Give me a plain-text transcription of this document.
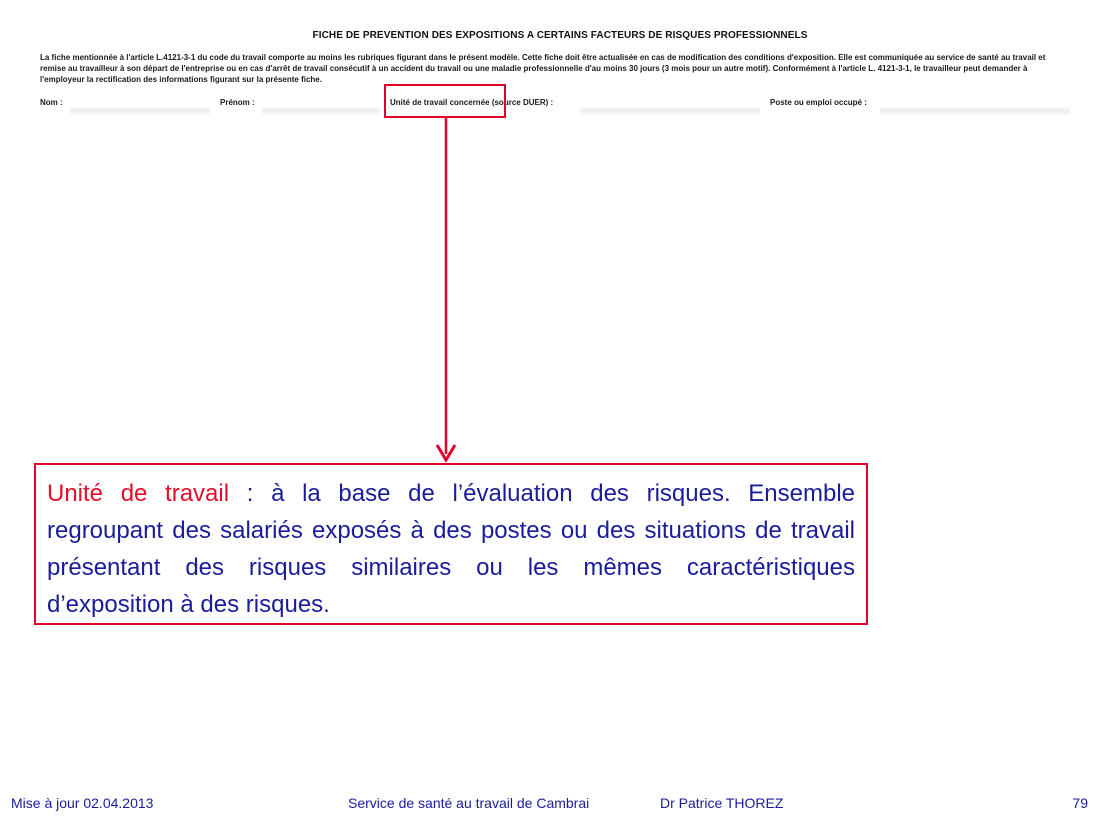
FICHE DE PREVENTION DES EXPOSITIONS A CERTAINS FACTEURS DE RISQUES PROFESSIONNELS

La fiche mentionnée à l'article L.4121-3-1 du code du travail comporte au moins les rubriques figurant dans le présent modèle. Cette fiche doit être actualisée en cas de modification des conditions d'exposition. Elle est communiquée au service de santé au travail et remise au travailleur à son départ de l'entreprise ou en cas d'arrêt de travail consécutif à un accident du travail ou une maladie professionnelle d'au moins 30 jours (3 mois pour un autre motif). Conformément à l'article L. 4121-3-1, le travailleur peut demander à l'employeur la rectification des informations figurant sur la présente fiche.

Nom :	Prénom :	Unité de travail concernée (source DUER) :	Poste ou emploi occupé :

Unité de travail : à la base de l’évaluation des risques. Ensemble regroupant des salariés exposés à des postes ou des situations de travail présentant des risques similaires ou les mêmes caractéristiques d’exposition à des risques.

Mise à jour 02.04.2013	Service de santé au travail de Cambrai	Dr Patrice THOREZ	79
